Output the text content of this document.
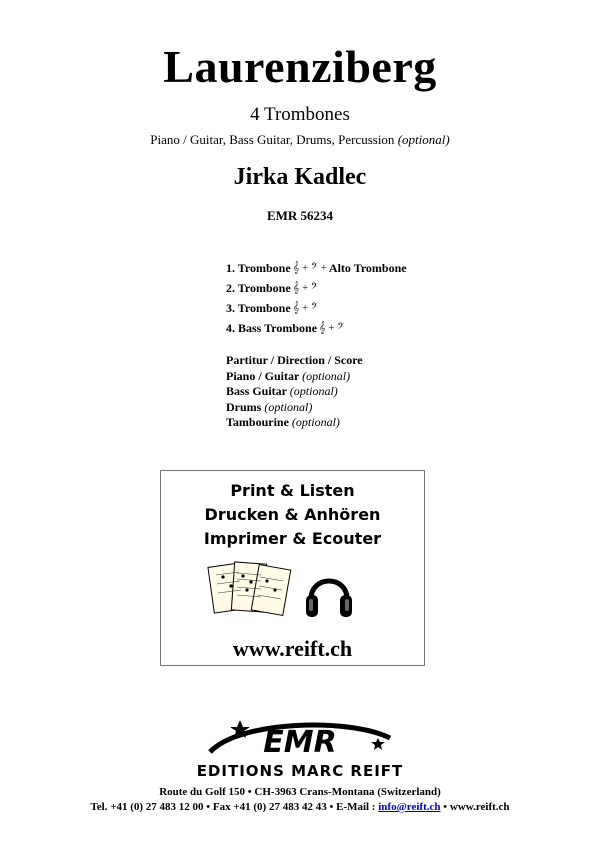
Laurenziberg
4 Trombones
Piano / Guitar, Bass Guitar, Drums, Percussion (optional)
Jirka Kadlec
EMR 56234
1. Trombone 𝄞 + 𝄢 + Alto Trombone
2. Trombone 𝄞 + 𝄢
3. Trombone 𝄞 + 𝄢
4. Bass Trombone 𝄞 + 𝄢
Partitur / Direction / Score
Piano / Guitar (optional)
Bass Guitar (optional)
Drums (optional)
Tambourine (optional)
Print & Listen
Drucken & Anhören
Imprimer & Ecouter
www.reift.ch
EMR
EDITIONS MARC REIFT
Route du Golf 150 • CH-3963 Crans-Montana (Switzerland)
Tel. +41 (0) 27 483 12 00 • Fax +41 (0) 27 483 42 43 • E-Mail : info@reift.ch • www.reift.ch
